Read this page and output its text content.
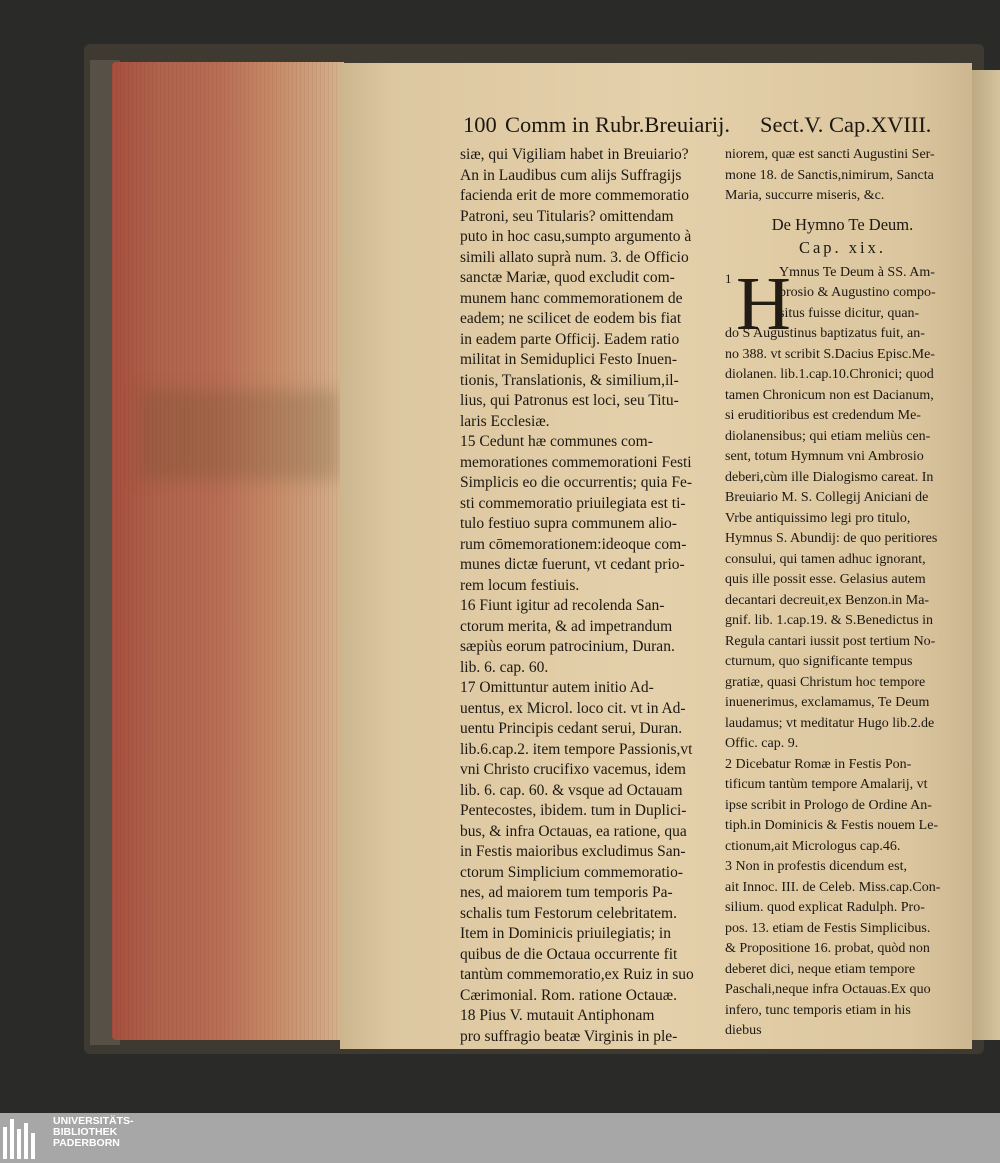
100 Comm in Rubr.Breuiarij. Sect.V. Cap.XVIII.
siæ, qui Vigiliam habet in Breuiario?
An in Laudibus cum alijs Suffragijs
facienda erit de more commemoratio
Patroni, seu Titularis? omittendam
puto in hoc casu,sumpto argumento à
simili allato suprà num. 3. de Officio
sanctæ Mariæ, quod excludit com-
munem hanc commemorationem de
eadem; ne scilicet de eodem bis fiat
in eadem parte Officij. Eadem ratio
militat in Semiduplici Festo Inuen-
tionis, Translationis, & similium,il-
lius, qui Patronus est loci, seu Titu-
laris Ecclesiæ.
15 Cedunt hæ communes com-
memorationes commemorationi Festi
Simplicis eo die occurrentis; quia Fe-
sti commemoratio priuilegiata est ti-
tulo festiuo supra communem alio-
rum cōmemorationem:ideoque com-
munes dictæ fuerunt, vt cedant prio-
rem locum festiuis.
16 Fiunt igitur ad recolenda San-
ctorum merita, & ad impetrandum
sæpiùs eorum patrocinium, Duran.
lib. 6. cap. 60.
17 Omittuntur autem initio Ad-
uentus, ex Microl. loco cit. vt in Ad-
uentu Principis cedant serui, Duran.
lib.6.cap.2. item tempore Passionis,vt
vni Christo crucifixo vacemus, idem
lib. 6. cap. 60. & vsque ad Octauam
Pentecostes, ibidem. tum in Duplici-
bus, & infra Octauas, ea ratione, qua
in Festis maioribus excludimus San-
ctorum Simplicium commemoratio-
nes, ad maiorem tum temporis Pa-
schalis tum Festorum celebritatem.
Item in Dominicis priuilegiatis; in
quibus de die Octaua occurrente fit
tantùm commemoratio,ex Ruiz in suo
Cærimonial. Rom. ratione Octauæ.
18 Pius V. mutauit Antiphonam
pro suffragio beatæ Virginis in ple-
niorem, quæ est sancti Augustini Ser-
mone 18. de Sanctis,nimirum, Sancta
Maria, succurre miseris, &c.
De Hymno Te Deum.
Cap. xix.
Ymnus Te Deum à SS. Am-
brosio & Augustino compo-
situs fuisse dicitur, quan-
do S Augustinus baptizatus fuit, an-
no 388. vt scribit S.Dacius Episc.Me-
diolanen. lib.1.cap.10.Chronici; quod
tamen Chronicum non est Dacianum,
si eruditioribus est credendum Me-
diolanensibus; qui etiam meliùs cen-
sent, totum Hymnum vni Ambrosio
deberi,cùm ille Dialogismo careat. In
Breuiario M. S. Collegij Aniciani de
Vrbe antiquissimo legi pro titulo,
Hymnus S. Abundij: de quo peritiores
consului, qui tamen adhuc ignorant,
quis ille possit esse. Gelasius autem
decantari decreuit,ex Benzon.in Ma-
gnif. lib. 1.cap.19. & S.Benedictus in
Regula cantari iussit post tertium No-
cturnum, quo significante tempus
gratiæ, quasi Christum hoc tempore
inuenerimus, exclamamus, Te Deum
laudamus; vt meditatur Hugo lib.2.de
Offic. cap. 9.
2 Dicebatur Romæ in Festis Pon-
tificum tantùm tempore Amalarij, vt
ipse scribit in Prologo de Ordine An-
tiph.in Dominicis & Festis nouem Le-
ctionum,ait Micrologus cap.46.
3 Non in profestis dicendum est,
ait Innoc. III. de Celeb. Miss.cap.Con-
silium. quod explicat Radulph. Pro-
pos. 13. etiam de Festis Simplicibus.
& Propositione 16. probat, quòd non
deberet dici, neque etiam tempore
Paschali,neque infra Octauas.Ex quo
infero, tunc temporis etiam in his
diebus
H
1
UNIVERSITÄTS-
BIBLIOTHEK
PADERBORN
